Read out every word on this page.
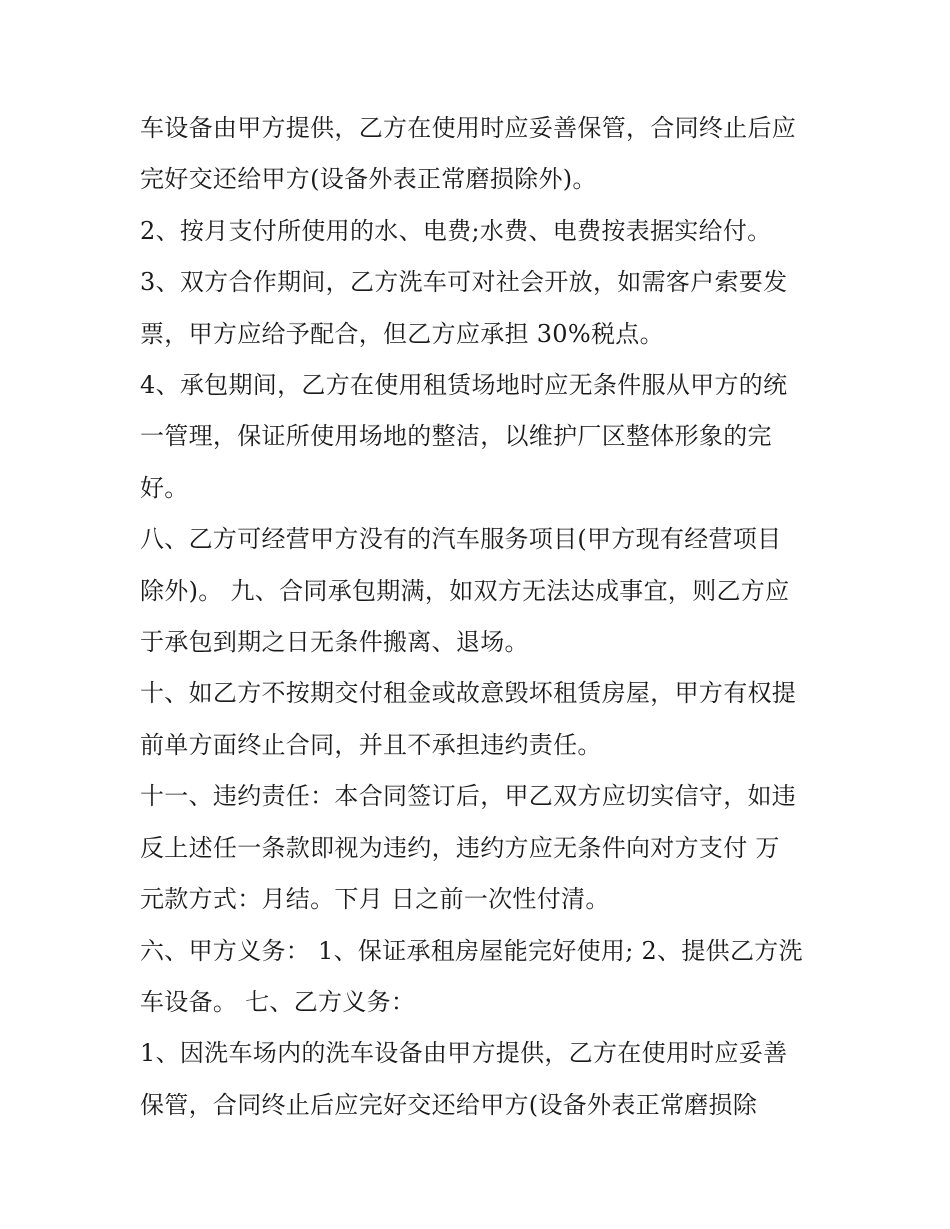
车设备由甲方提供，乙方在使用时应妥善保管，合同终止后应
完好交还给甲方(设备外表正常磨损除外)。
2、按月支付所使用的水、电费;水费、电费按表据实给付。
3、双方合作期间，乙方洗车可对社会开放，如需客户索要发
票，甲方应给予配合，但乙方应承担 30%税点。
4、承包期间，乙方在使用租赁场地时应无条件服从甲方的统
一管理，保证所使用场地的整洁，以维护厂区整体形象的完
好。
八、乙方可经营甲方没有的汽车服务项目(甲方现有经营项目
除外)。 九、合同承包期满，如双方无法达成事宜，则乙方应
于承包到期之日无条件搬离、退场。
十、如乙方不按期交付租金或故意毁坏租赁房屋，甲方有权提
前单方面终止合同，并且不承担违约责任。
十一、违约责任：本合同签订后，甲乙双方应切实信守，如违
反上述任一条款即视为违约，违约方应无条件向对方支付 万
元款方式：月结。下月 日之前一次性付清。
六、甲方义务： 1、保证承租房屋能完好使用; 2、提供乙方洗
车设备。 七、乙方义务：
1、因洗车场内的洗车设备由甲方提供，乙方在使用时应妥善
保管，合同终止后应完好交还给甲方(设备外表正常磨损除
